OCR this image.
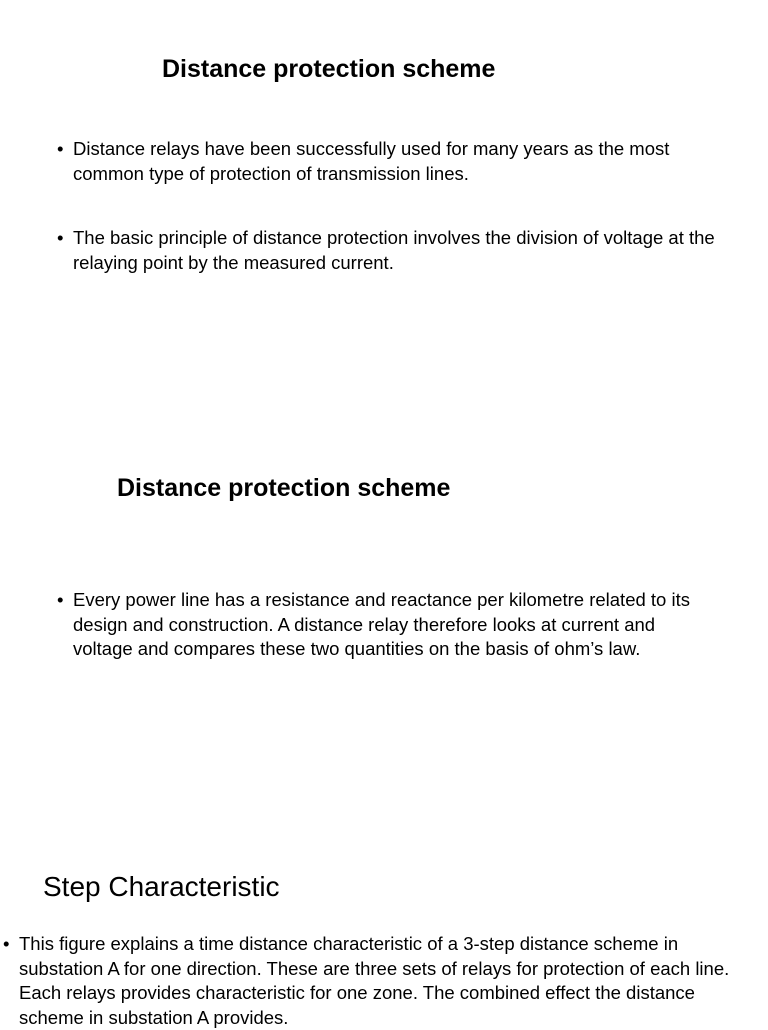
Distance protection scheme
• Distance relays have been successfully used for many years as the most common type of protection of transmission lines.
• The basic principle of distance protection involves the division of voltage at the relaying point by the measured current.
Distance protection scheme
• Every power line has a resistance and reactance per kilometre related to its design and construction. A distance relay therefore looks at current and voltage and compares these two quantities on the basis of ohm’s law.
Step Characteristic
• This figure explains a time distance characteristic of a 3-step distance scheme in substation A for one direction. These are three sets of relays for protection of each line. Each relays provides characteristic for one zone. The combined effect the distance scheme in substation A provides.
